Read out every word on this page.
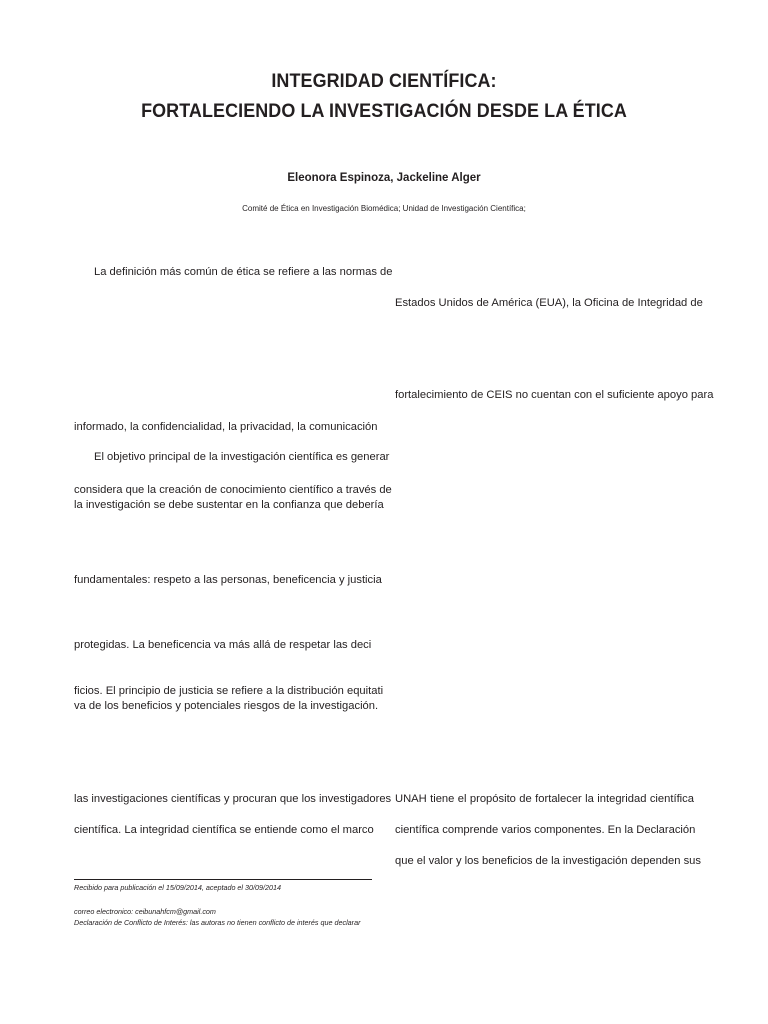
INTEGRIDAD CIENTÍFICA:
FORTALECIENDO LA INVESTIGACIÓN DESDE LA ÉTICA
Eleonora Espinoza, Jackeline Alger
Comité de Ética en Investigación Biomédica; Unidad de Investigación Científica;
La definición más común de ética se refiere a las normas de
informado, la confidencialidad, la privacidad, la comunicación
El objetivo principal de la investigación científica es generar
considera que la creación de conocimiento científico a través de
la investigación se debe sustentar en la confianza que debería
fundamentales: respeto a las personas, beneficencia y justicia
protegidas. La beneficencia va más allá de respetar las deci
ficios. El principio de justicia se refiere a la distribución equitati
va de los beneficios y potenciales riesgos de la investigación.
las investigaciones científicas y procuran que los investigadores
científica. La integridad científica se entiende como el marco
Estados Unidos de América (EUA), la Oficina de Integridad de
fortalecimiento de CEIS no cuentan con el suficiente apoyo para
UNAH tiene el propósito de fortalecer la integridad científica
científica comprende varios componentes. En la Declaración
que el valor y los beneficios de la investigación dependen sus
Recibido para publicación el 15/09/2014, aceptado el 30/09/2014
correo electronico: ceibunahfcm@gmail.com
Declaración de Conflicto de Interés: las autoras no tienen conflicto de interés que declarar
